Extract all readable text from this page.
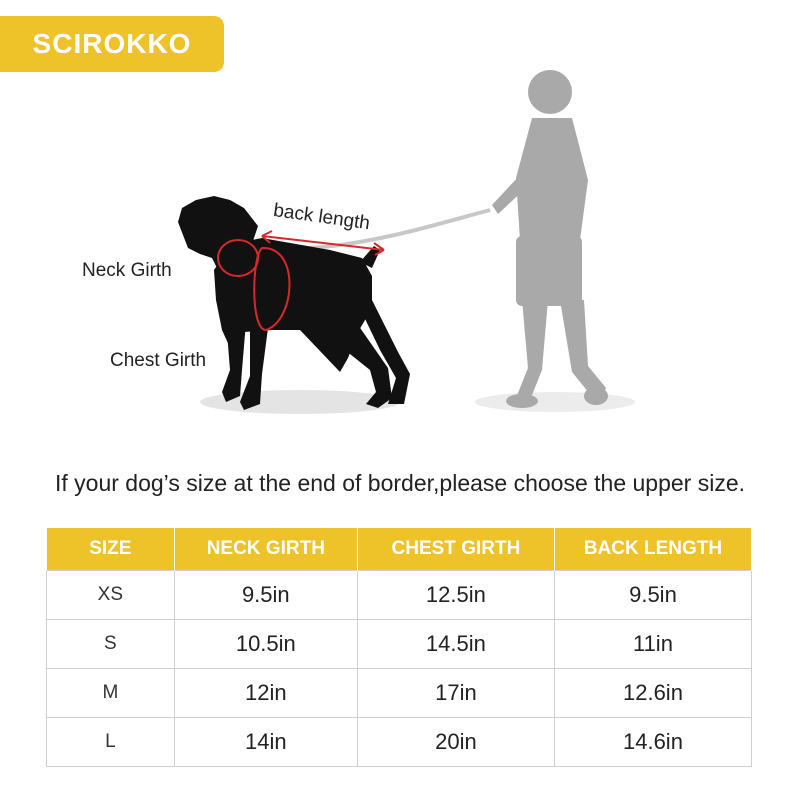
SCIROKKO
back length
Neck Girth
Chest Girth
If your dog’s size at the end of border,please choose the upper size.
SIZE	NECK GIRTH	CHEST GIRTH	BACK LENGTH
XS	9.5in	12.5in	9.5in
S	10.5in	14.5in	11in
M	12in	17in	12.6in
L	14in	20in	14.6in
